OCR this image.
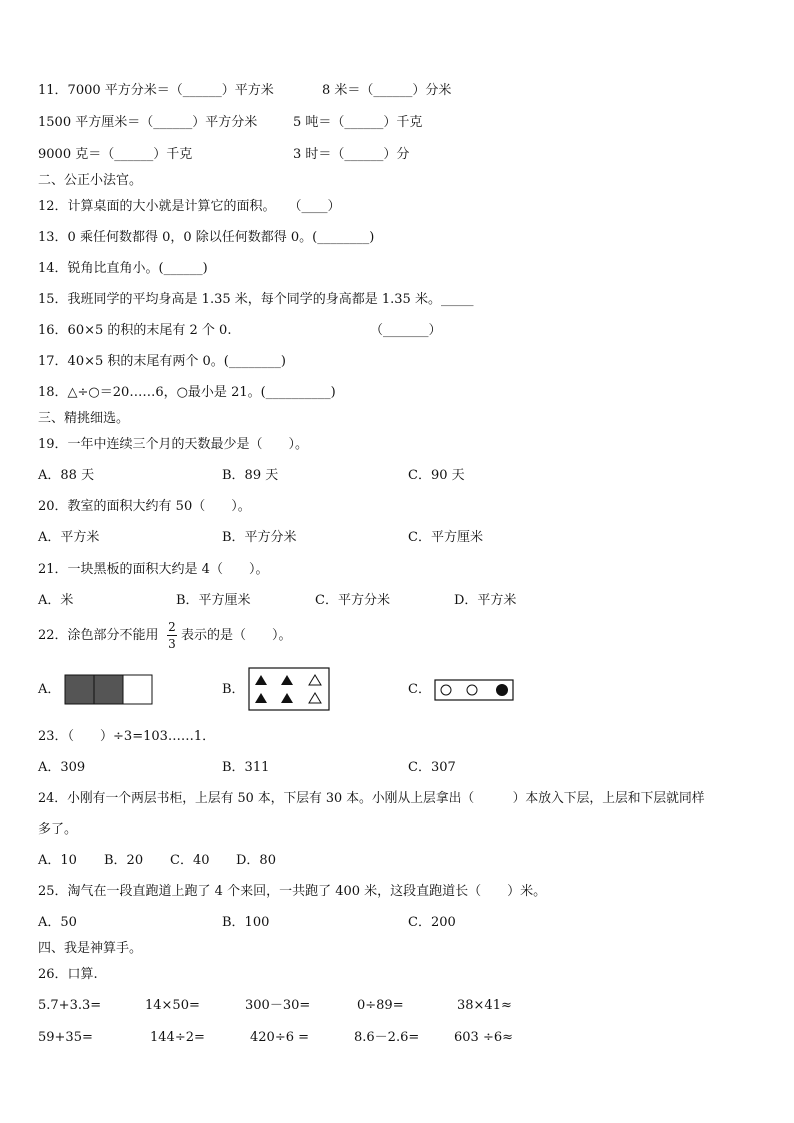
11．7000 平方分米＝（______）平方米	8 米＝（______）分米
1500 平方厘米＝（______）平方分米	5 吨＝（______）千克
9000 克＝（______）千克	3 时＝（______）分
二、公正小法官。
12．计算桌面的大小就是计算它的面积。　　（____）
13．0 乘任何数都得 0，0 除以任何数都得 0。(________)
14．锐角比直角小。(______)
15．我班同学的平均身高是 1.35 米，每个同学的身高都是 1.35 米。_____
16．60×5 的积的末尾有 2 个 0.	（_______）
17．40×5 积的末尾有两个 0。(________)
18．△÷○＝20……6，○最小是 21。(__________)
三、精挑细选。
19．一年中连续三个月的天数最少是（　　）。
A．88 天	B．89 天	C．90 天
20．教室的面积大约有 50（　　）。
A．平方米	B．平方分米	C．平方厘米
21．一块黑板的面积大约是 4（　　）。
A．米	B．平方厘米	C．平方分米	D．平方米
22．涂色部分不能用
2
3
表示的是（　　）。
A．	B．	C．
23．（　　）÷3=103……1．
A．309	B．311	C．307
24．小刚有一个两层书柜，上层有 50 本，下层有 30 本。小刚从上层拿出（　　　）本放入下层，上层和下层就同样
多了。
A．10 B．20 C．40 D．80
25．淘气在一段直跑道上跑了 4 个来回，一共跑了 400 米，这段直跑道长（　　）米。
A．50	B．100	C．200
四、我是神算手。
26．口算.
5.7+3.3=	14×50=	300－30=	0÷89=	38×41≈
59+35=	144÷2=	420÷6 =	8.6－2.6=	603 ÷6≈
